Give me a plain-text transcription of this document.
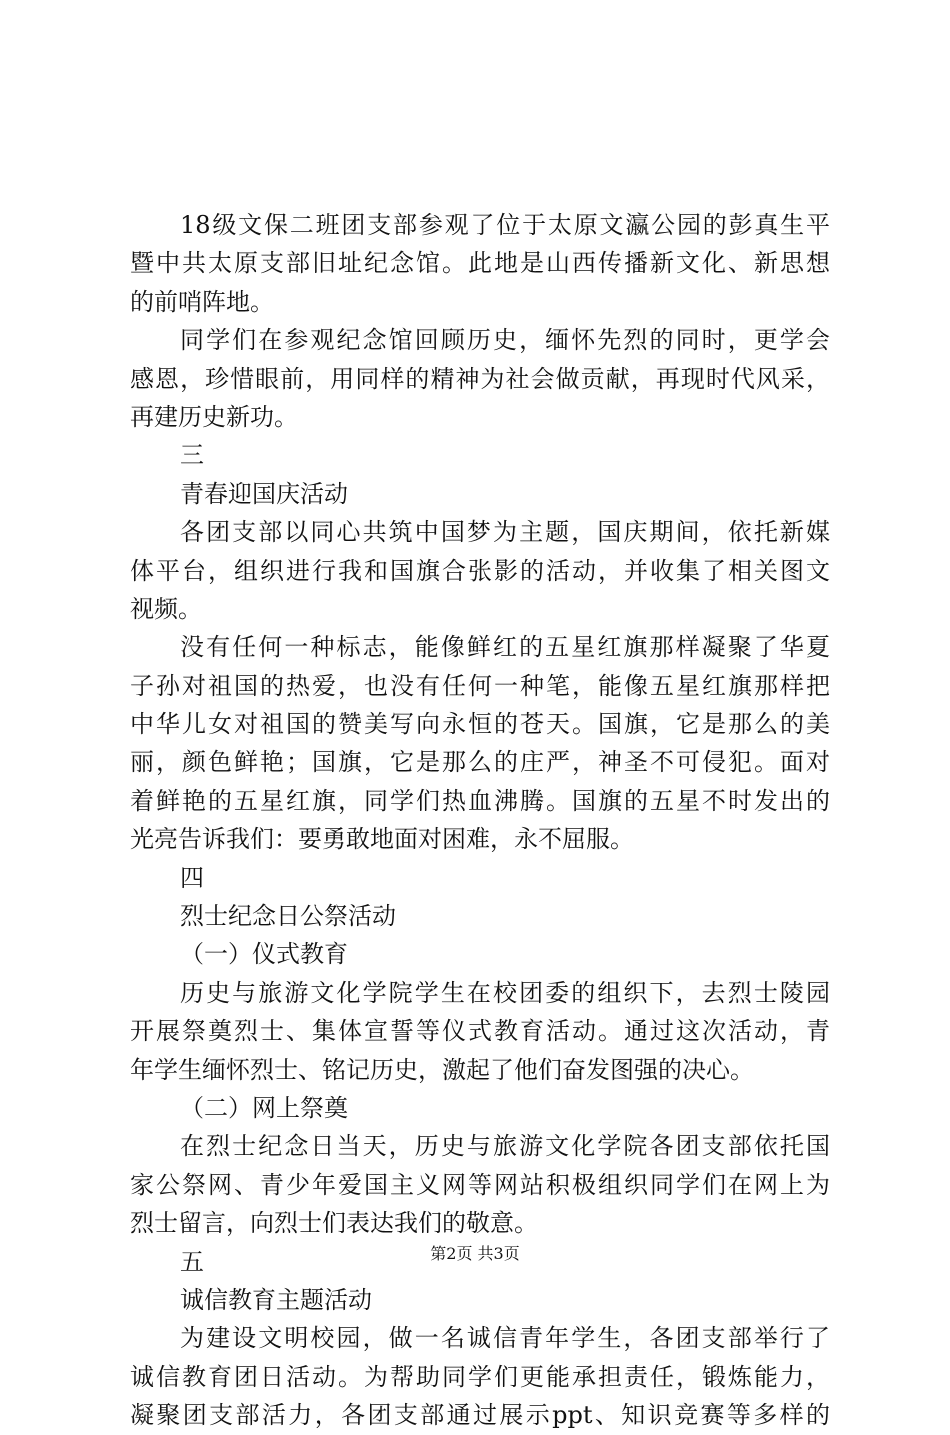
18级文保二班团支部参观了位于太原文瀛公园的彭真生平
暨中共太原支部旧址纪念馆。此地是山西传播新文化、新思想
的前哨阵地。
同学们在参观纪念馆回顾历史，缅怀先烈的同时，更学会
感恩，珍惜眼前，用同样的精神为社会做贡献，再现时代风采，
再建历史新功。
三
青春迎国庆活动
各团支部以同心共筑中国梦为主题，国庆期间，依托新媒
体平台，组织进行我和国旗合张影的活动，并收集了相关图文
视频。
没有任何一种标志，能像鲜红的五星红旗那样凝聚了华夏
子孙对祖国的热爱，也没有任何一种笔，能像五星红旗那样把
中华儿女对祖国的赞美写向永恒的苍天。国旗，它是那么的美
丽，颜色鲜艳；国旗，它是那么的庄严，神圣不可侵犯。面对
着鲜艳的五星红旗，同学们热血沸腾。国旗的五星不时发出的
光亮告诉我们：要勇敢地面对困难，永不屈服。
四
烈士纪念日公祭活动
（一）仪式教育
历史与旅游文化学院学生在校团委的组织下，去烈士陵园
开展祭奠烈士、集体宣誓等仪式教育活动。通过这次活动，青
年学生缅怀烈士、铭记历史，激起了他们奋发图强的决心。
（二）网上祭奠
在烈士纪念日当天，历史与旅游文化学院各团支部依托国
家公祭网、青少年爱国主义网等网站积极组织同学们在网上为
烈士留言，向烈士们表达我们的敬意。
五
诚信教育主题活动
为建设文明校园，做一名诚信青年学生，各团支部举行了
诚信教育团日活动。为帮助同学们更能承担责任，锻炼能力，
凝聚团支部活力，各团支部通过展示ppt、知识竞赛等多样的
第2页 共3页
